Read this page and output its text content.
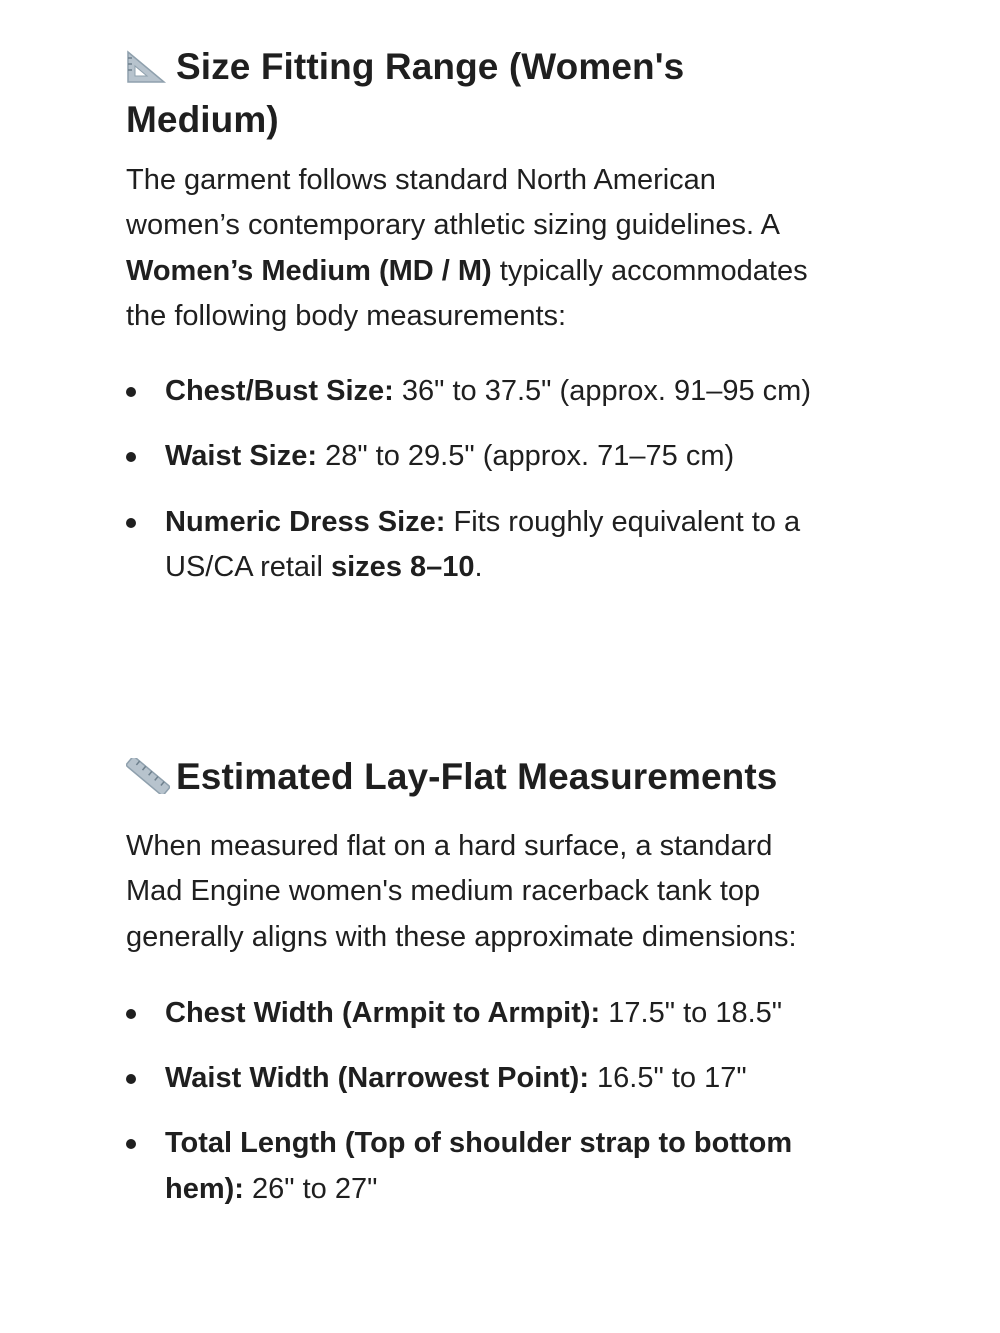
Size Fitting Range (Women's Medium)

The garment follows standard North American women’s contemporary athletic sizing guidelines. A Women’s Medium (MD / M) typically accommodates the following body measurements:

Chest/Bust Size: 36" to 37.5" (approx. 91–95 cm)
Waist Size: 28" to 29.5" (approx. 71–75 cm)
Numeric Dress Size: Fits roughly equivalent to a US/CA retail sizes 8–10.
Estimated Lay-Flat Measurements

When measured flat on a hard surface, a standard Mad Engine women's medium racerback tank top generally aligns with these approximate dimensions:

Chest Width (Armpit to Armpit): 17.5" to 18.5"
Waist Width (Narrowest Point): 16.5" to 17"
Total Length (Top of shoulder strap to bottom hem): 26" to 27"
